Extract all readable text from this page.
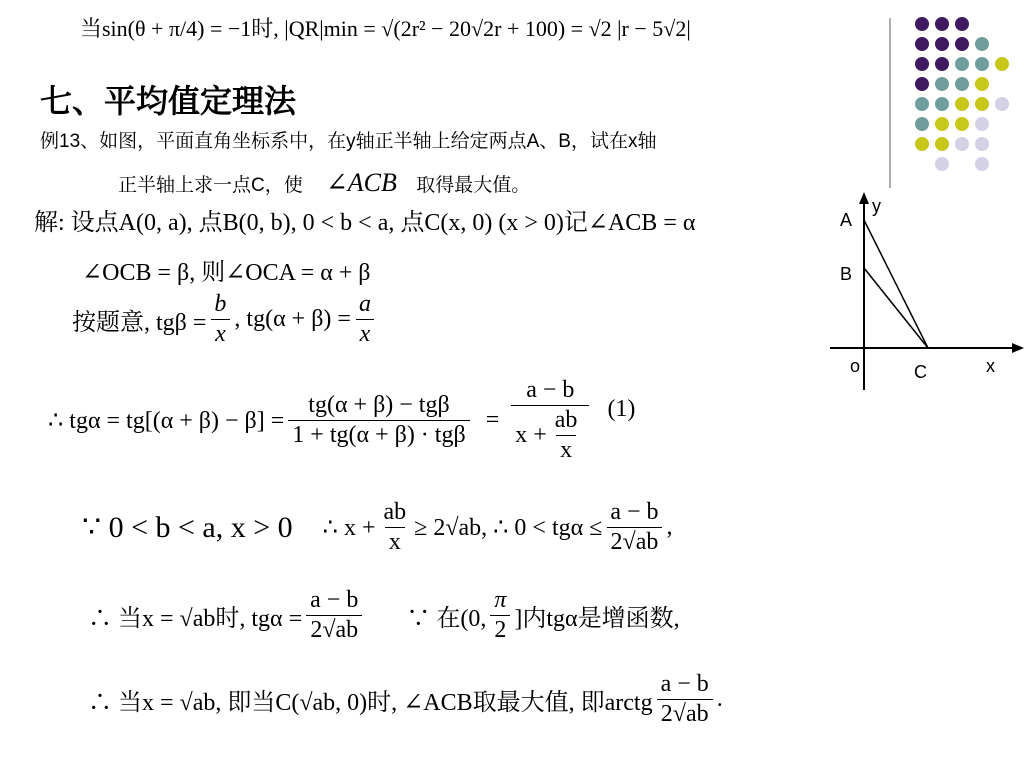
当sin(θ + π/4) = −1时, |QR|min = √(2r² − 20√2r + 100) = √2 |r − 5√2|
七、平均值定理法
例13、如图，平面直角坐标系中，在y轴正半轴上给定两点A、B，试在x轴
正半轴上求一点C，使 ∠ACB 取得最大值。
解: 设点A(0, a), 点B(0, b), 0 < b < a, 点C(x, 0) (x > 0)记∠ACB = α
∠OCB = β, 则∠OCA = α + β
按题意, $tg\beta = \frac{b}{x}$ , $tg(\alpha + \beta) = \frac{a}{x}$
∴ $tg\alpha = tg[(\alpha + \beta) - \beta] = \frac{\text{tg(α + β) − tgβ}}{\text{1 + tg(α + β) · tgβ}} = \frac{a - b}{x + \frac{ab}{x}} (1)$
∵ 0 < b < a, x > 0 ∴ $x + \frac{ab}{x} \ge 2√ab$, ∴ $0 < tg\alpha \le \frac{a - b}{2√ab}$ ,
∴ 当x = √ab时, $tg\alpha = \frac{a - b}{2√ab}$ ∵ 在(0, $\frac{\pi}{2}$ ]内tgα是增函数,
∴ 当x = √ab, 即当C(√ab, 0)时, ∠ACB取最大值, 即arctg $\frac{a - b}{2√ab}$ .
y
A
B
o	C	x
